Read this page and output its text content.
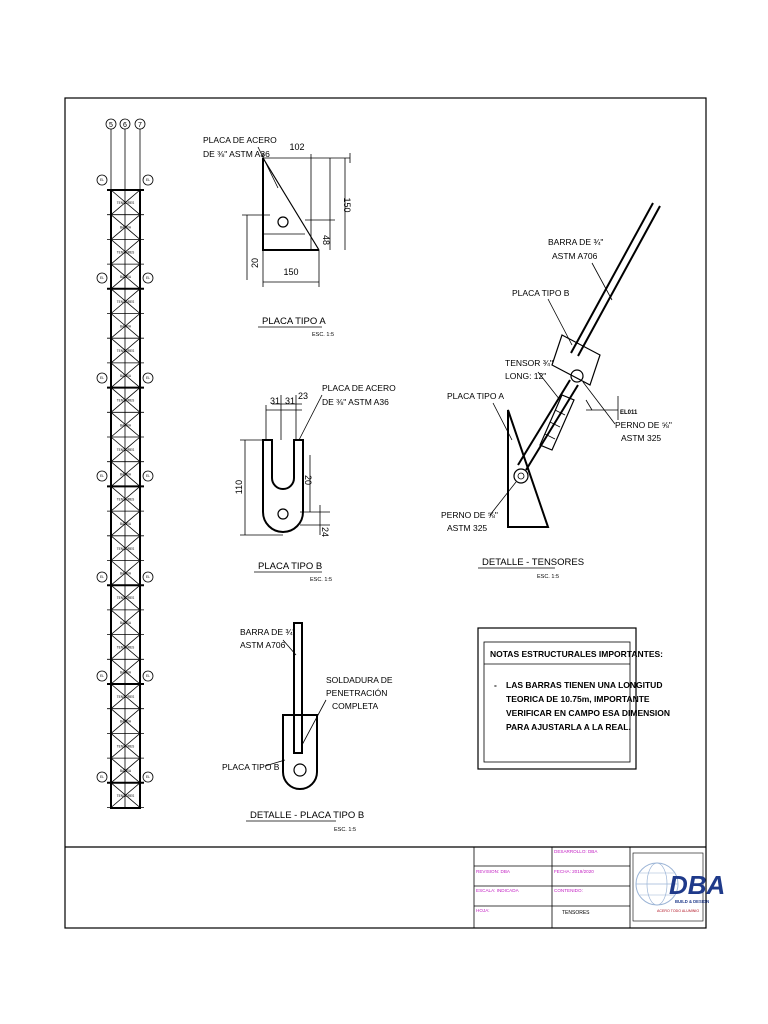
5 6 7
TENSORES
BARRA
TENSORES
BARRA
TENSORES
BARRA
TENSORES
BARRA
TENSORES
BARRA
TENSORES
BARRA
TENSORES
BARRA
TENSORES
BARRA
TENSORES
BARRA
TENSORES
BARRA
TENSORES
BARRA
TENSORES
BARRA
TENSORES
EL	EL
EL	EL
EL	EL
EL	EL
EL	EL
EL	EL
EL	EL
PLACA DE ACERO
DE ⅜" ASTM A36
102
150
48
20
150
PLACA TIPO A
ESC. 1:5
23
31 31
PLACA DE ACERO
DE ⅜" ASTM A36
110	20
24
PLACA TIPO B
ESC. 1:5
BARRA DE ¾"
ASTM A706
SOLDADURA DE
PENETRACIÓN
COMPLETA
PLACA TIPO B
DETALLE - PLACA TIPO B
ESC. 1:5
EL011
BARRA DE ¾"
ASTM A706
PLACA TIPO B
TENSOR ¾"
LONG: 12"
PLACA TIPO A
PERNO DE ⅝"
ASTM 325
PERNO DE ⅝"
ASTM 325
DETALLE - TENSORES
ESC. 1:5
NOTAS ESTRUCTURALES IMPORTANTES:
- LAS BARRAS TIENEN UNA LONGITUD
TEORICA DE 10.75m, IMPORTANTE
VERIFICAR EN CAMPO ESA DIMENSION
PARA AJUSTARLA A LA REAL.
DESARROLLO: DBA
REVISION: DBA	FECHA: 2019/2020
ESCALA: INDICADA	CONTENIDO:
HOJA:	TENSORES
DBA
BUILD & DESIGN
ACERO TODO ALUMINIO
